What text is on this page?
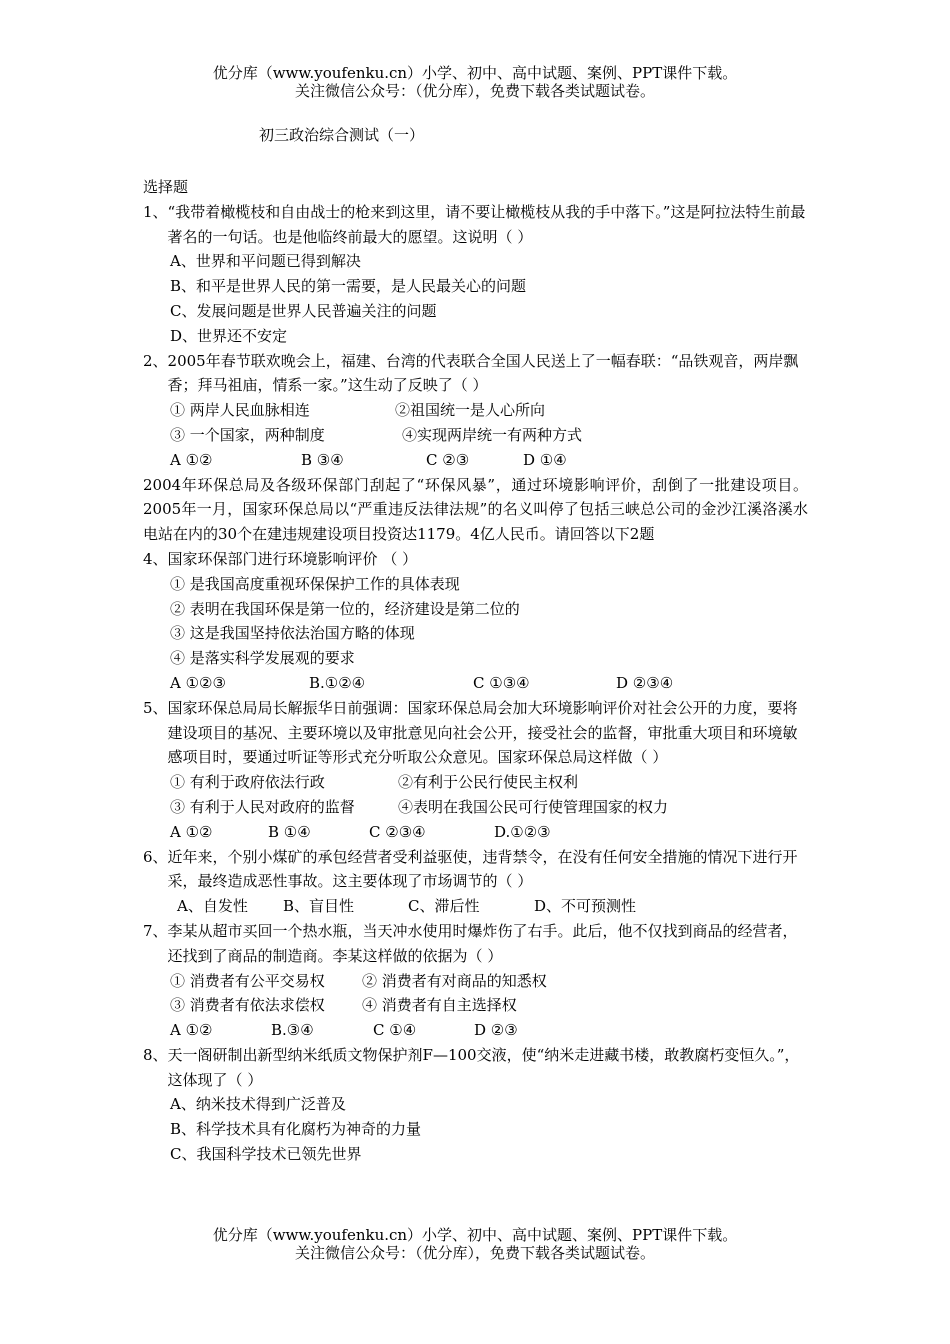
优分库（www.youfenku.cn）小学、初中、高中试题、案例、PPT课件下载。
关注微信公众号：（优分库），免费下载各类试题试卷。
初三政治综合测试（一）
选择题
1、 “我带着橄榄枝和自由战士的枪来到这里，请不要让橄榄枝从我的手中落下。”这是阿拉法特生前最著名的一句话。也是他临终前最大的愿望。这说明（ ）
A、世界和平问题已得到解决
B、和平是世界人民的第一需要，是人民最关心的问题
C、发展问题是世界人民普遍关注的问题
D、世界还不安定
2、 2005年春节联欢晚会上，福建、台湾的代表联合全国人民送上了一幅春联：“品铁观音，两岸飘香；拜马祖庙，情系一家。”这生动了反映了（ ）
① 两岸人民血脉相连	②祖国统一是人心所向
③ 一个国家，两种制度	④实现两岸统一有两种方式
A ①②	B ③④	C ②③	D ①④
2004年环保总局及各级环保部门刮起了“环保风暴”，通过环境影响评价，刮倒了一批建设项目。2005年一月，国家环保总局以“严重违反法律法规”的名义叫停了包括三峡总公司的金沙江溪洛溪水电站在内的30个在建违规建设项目投资达1179。4亿人民币。请回答以下2题
4、 国家环保部门进行环境影响评价 （ ）
① 是我国高度重视环保保护工作的具体表现
② 表明在我国环保是第一位的，经济建设是第二位的
③ 这是我国坚持依法治国方略的体现
④ 是落实科学发展观的要求
A ①②③	B.①②④	C ①③④	D ②③④
5、 国家环保总局局长解振华日前强调：国家环保总局会加大环境影响评价对社会公开的力度，要将建设项目的基况、主要环境以及审批意见向社会公开，接受社会的监督，审批重大项目和环境敏感项目时，要通过听证等形式充分听取公众意见。国家环保总局这样做（ ）
① 有利于政府依法行政	②有利于公民行使民主权利
③ 有利于人民对政府的监督	④表明在我国公民可行使管理国家的权力
A ①②	B ①④	C ②③④	D.①②③
6、 近年来，个别小煤矿的承包经营者受利益驱使，违背禁令，在没有任何安全措施的情况下进行开采，最终造成恶性事故。这主要体现了市场调节的（ ）
A、自发性	B、盲目性	C、滞后性	D、不可预测性
7、 李某从超市买回一个热水瓶，当天冲水使用时爆炸伤了右手。此后，他不仅找到商品的经营者，还找到了商品的制造商。李某这样做的依据为（ ）
① 消费者有公平交易权	② 消费者有对商品的知悉权
③ 消费者有依法求偿权	④ 消费者有自主选择权
A ①②	B.③④	C ①④	D ②③
8、 天一阁研制出新型纳米纸质文物保护剂F—100交液，使“纳米走进藏书楼，敢教腐朽变恒久。”，这体现了（ ）
A、纳米技术得到广泛普及
B、科学技术具有化腐朽为神奇的力量
C、我国科学技术已领先世界
优分库（www.youfenku.cn）小学、初中、高中试题、案例、PPT课件下载。
关注微信公众号：（优分库），免费下载各类试题试卷。
